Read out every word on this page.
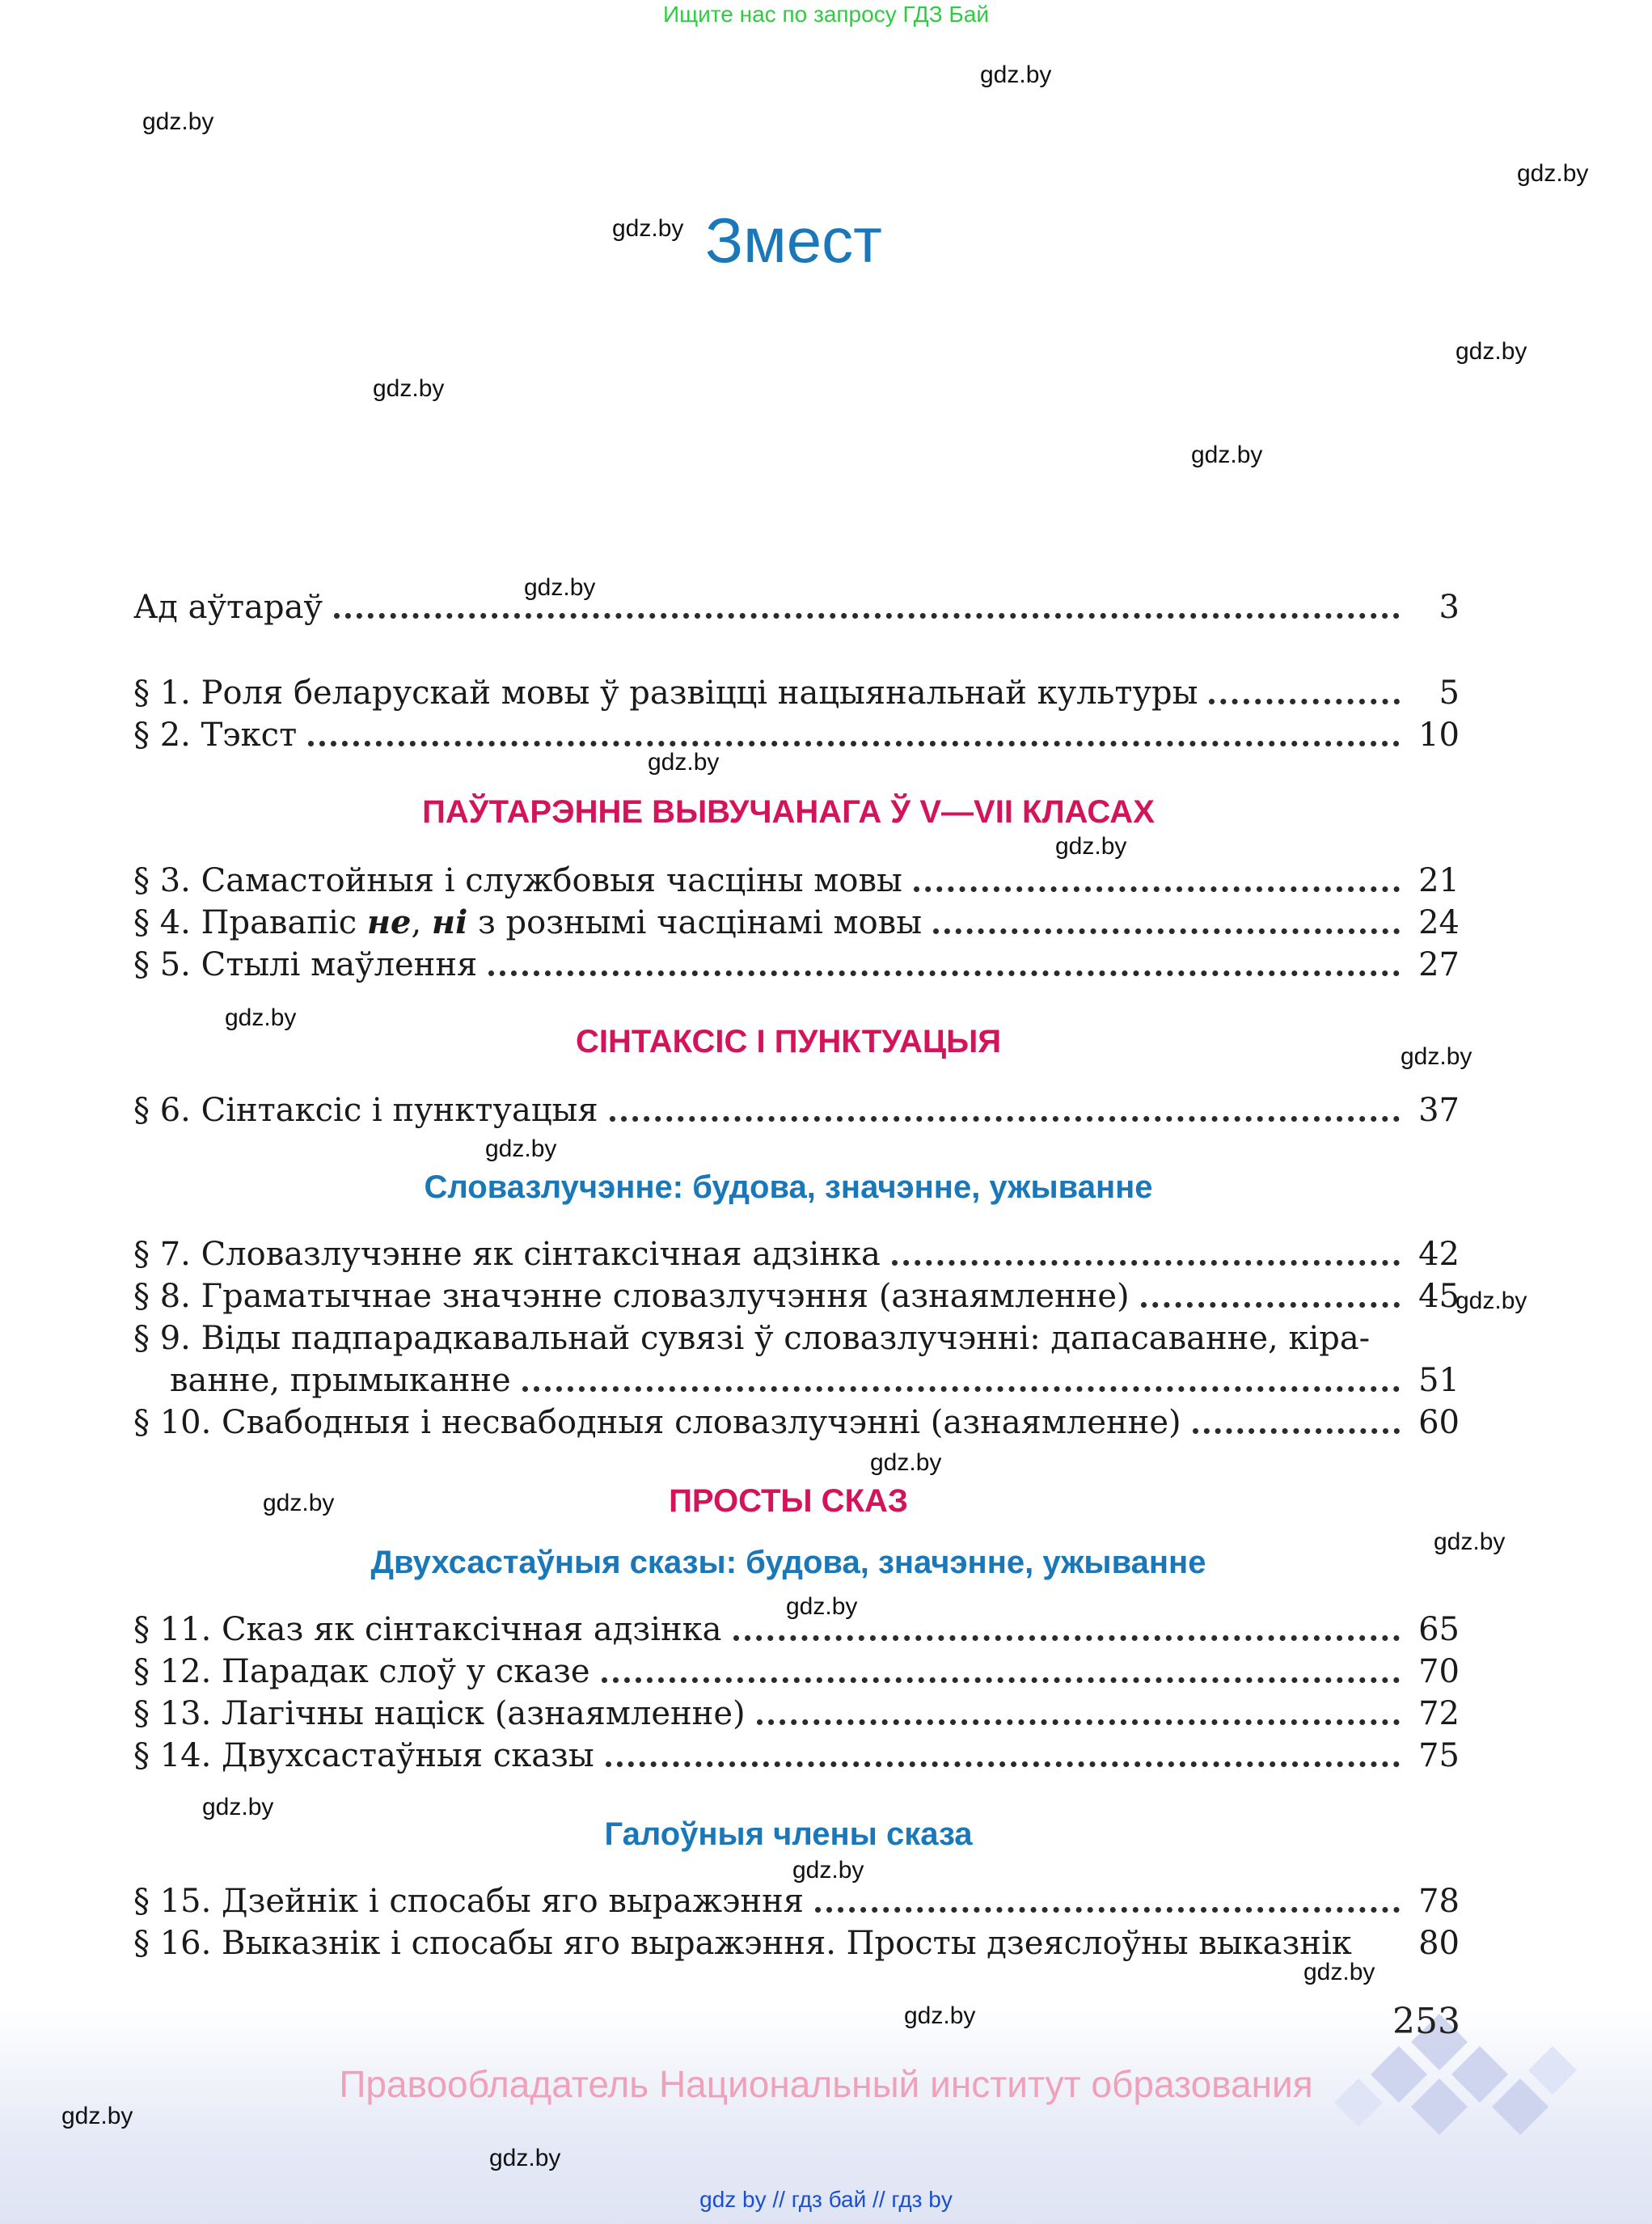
Ищите нас по запросу ГДЗ Бай
gdz.by
gdz.by
gdz.by
gdz.by
gdz.by
gdz.by
gdz.by
gdz.by
gdz.by
gdz.by
gdz.by
gdz.by
gdz.by
gdz.by
gdz.by
gdz.by
gdz.by
gdz.by
gdz.by
gdz.by
gdz.by
Змест
Ад аўтараў	3
§ 1. Роля беларускай мовы ў развіцці нацыянальнай культуры	5
§ 2. Тэкст	10
ПАЎТАРЭННЕ ВЫВУЧАНАГА Ў V—VII КЛАСАХ
§ 3. Самастойныя і службовыя часціны мовы	21
§ 4. Правапіс не, ні з рознымі часцінамі мовы	24
§ 5. Стылі маўлення	27
СІНТАКСІС І ПУНКТУАЦЫЯ
§ 6. Сінтаксіс і пунктуацыя	37
Словазлучэнне: будова, значэнне, ужыванне
§ 7. Словазлучэнне як сінтаксічная адзінка	42
§ 8. Граматычнае значэнне словазлучэння (азнаямленне)	45
§ 9. Віды падпарадкавальнай сувязі ў словазлучэнні: дапасаванне, кіра-
ванне, прымыканне	51
§ 10. Свабодныя і несвабодныя словазлучэнні (азнаямленне)	60
ПРОСТЫ СКАЗ
Двухсастаўныя сказы: будова, значэнне, ужыванне
§ 11. Сказ як сінтаксічная адзінка	65
§ 12. Парадак слоў у сказе	70
§ 13. Лагічны націск (азнаямленне)	72
§ 14. Двухсастаўныя сказы	75
Галоўныя члены сказа
§ 15. Дзейнік і спосабы яго выражэння	78
§ 16. Выказнік і спосабы яго выражэння. Просты дзеяслоўны выказнік 80
gdz.by	253
Правообладатель Национальный институт образования
gdz.by
gdz.by
gdz by // гдз бай // гдз by
